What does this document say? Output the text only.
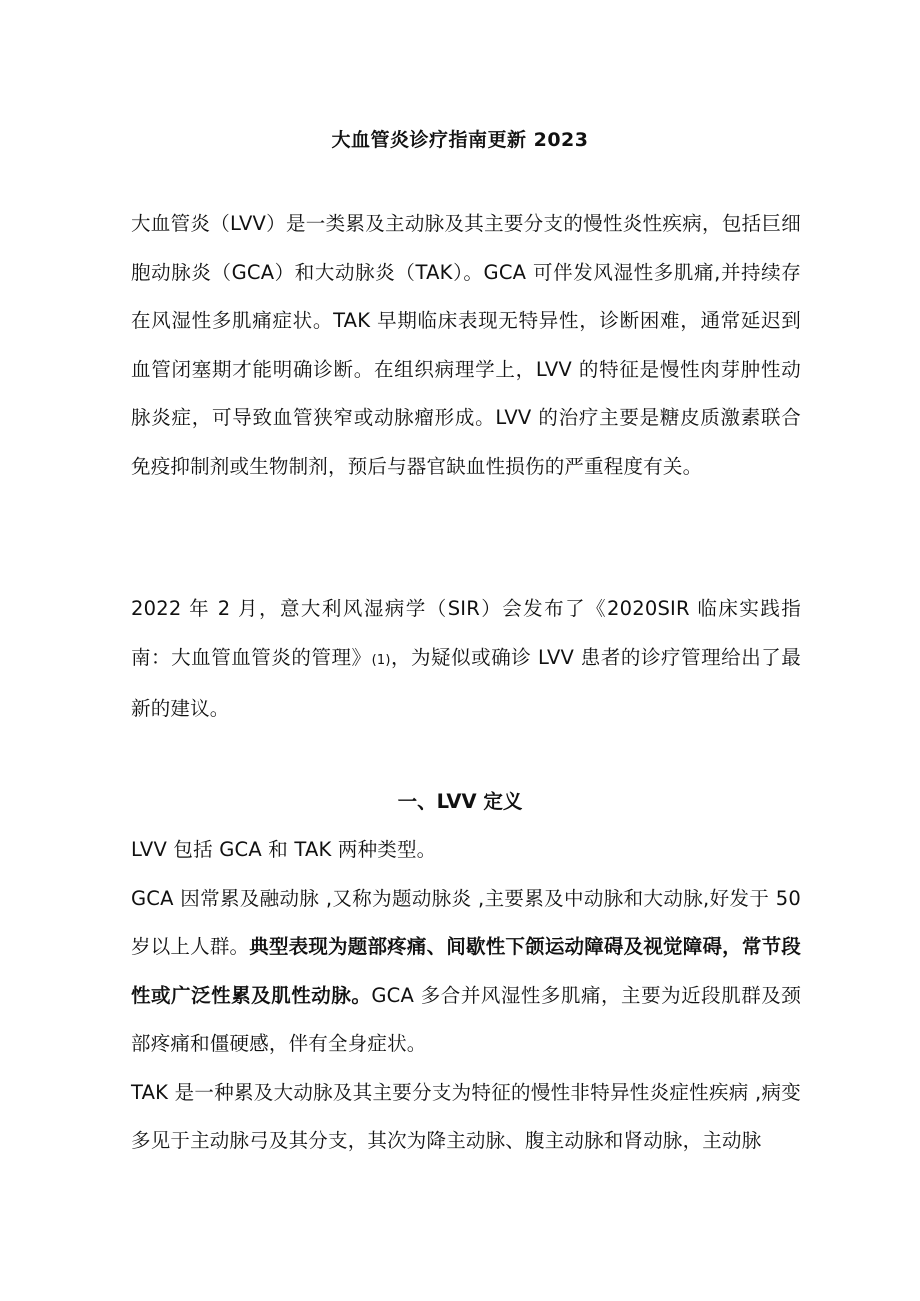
大血管炎诊疗指南更新 2023

大血管炎（LVV）是一类累及主动脉及其主要分支的慢性炎性疾病，包括巨细胞动脉炎（GCA）和大动脉炎（TAK）。GCA 可伴发风湿性多肌痛,并持续存在风湿性多肌痛症状。TAK 早期临床表现无特异性，诊断困难，通常延迟到血管闭塞期才能明确诊断。在组织病理学上，LVV 的特征是慢性肉芽肿性动脉炎症，可导致血管狭窄或动脉瘤形成。LVV 的治疗主要是糖皮质激素联合免疫抑制剂或生物制剂，预后与器官缺血性损伤的严重程度有关。

2022 年 2 月，意大利风湿病学（SIR）会发布了《2020SIR 临床实践指南：大血管血管炎的管理》(1)，为疑似或确诊 LVV 患者的诊疗管理给出了最新的建议。

一、LVV 定义

LVV 包括 GCA 和 TAK 两种类型。

GCA 因常累及融动脉 ,又称为题动脉炎 ,主要累及中动脉和大动脉,好发于 50 岁以上人群。典型表现为题部疼痛、间歇性下颌运动障碍及视觉障碍，常节段性或广泛性累及肌性动脉。GCA 多合并风湿性多肌痛，主要为近段肌群及颈部疼痛和僵硬感，伴有全身症状。

TAK 是一种累及大动脉及其主要分支为特征的慢性非特异性炎症性疾病 ,病变多见于主动脉弓及其分支，其次为降主动脉、腹主动脉和肾动脉，主动脉
